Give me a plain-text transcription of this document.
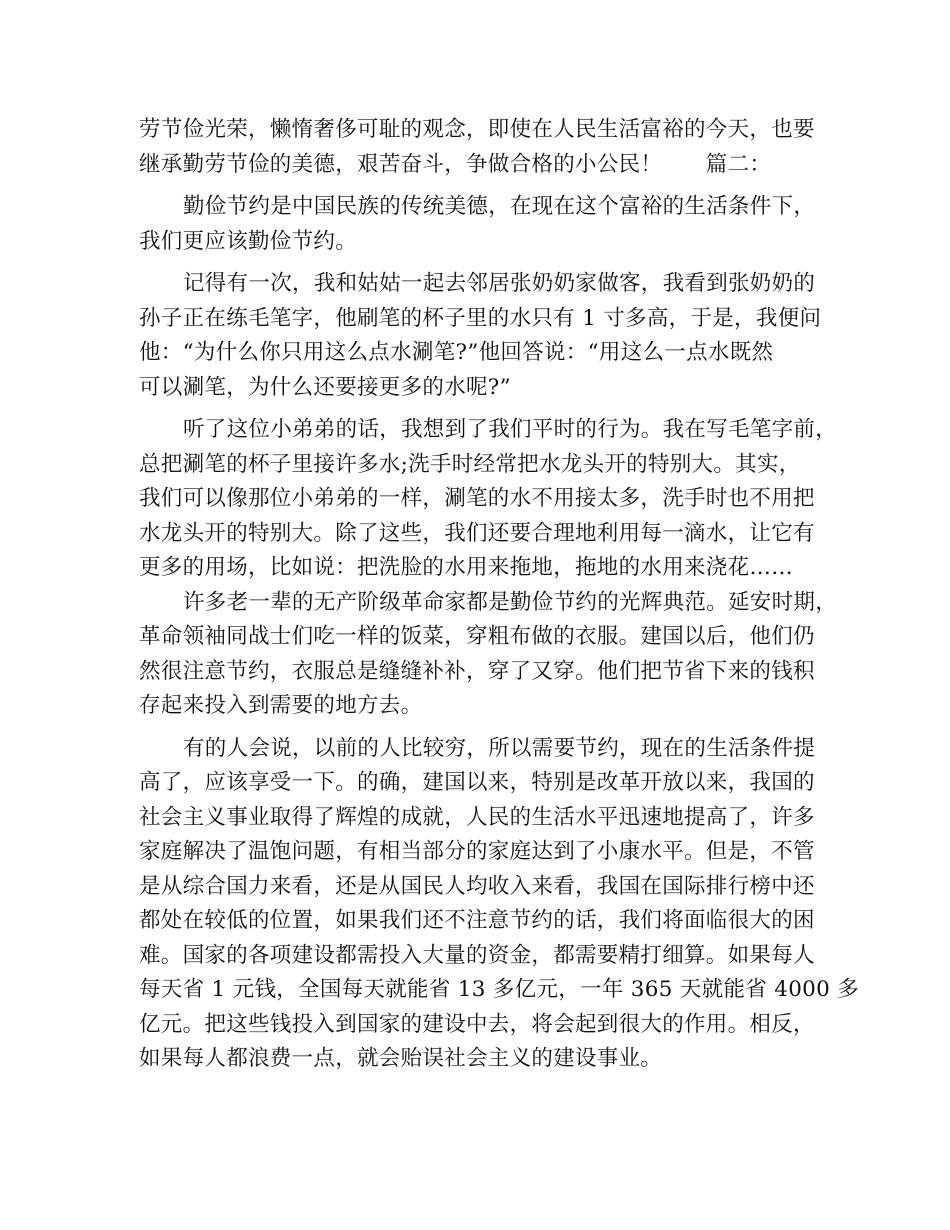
劳节俭光荣，懒惰奢侈可耻的观念，即使在人民生活富裕的今天，也要
继承勤劳节俭的美德，艰苦奋斗，争做合格的小公民！　　篇二：
勤俭节约是中国民族的传统美德，在现在这个富裕的生活条件下，
我们更应该勤俭节约。
记得有一次，我和姑姑一起去邻居张奶奶家做客，我看到张奶奶的
孙子正在练毛笔字，他刷笔的杯子里的水只有 1 寸多高，于是，我便问
他：“为什么你只用这么点水涮笔?”他回答说：“用这么一点水既然
可以涮笔，为什么还要接更多的水呢?”
听了这位小弟弟的话，我想到了我们平时的行为。我在写毛笔字前，
总把涮笔的杯子里接许多水;洗手时经常把水龙头开的特别大。其实，
我们可以像那位小弟弟的一样，涮笔的水不用接太多，洗手时也不用把
水龙头开的特别大。除了这些，我们还要合理地利用每一滴水，让它有
更多的用场，比如说：把洗脸的水用来拖地，拖地的水用来浇花……
许多老一辈的无产阶级革命家都是勤俭节约的光辉典范。延安时期，
革命领袖同战士们吃一样的饭菜，穿粗布做的衣服。建国以后，他们仍
然很注意节约，衣服总是缝缝补补，穿了又穿。他们把节省下来的钱积
存起来投入到需要的地方去。
有的人会说，以前的人比较穷，所以需要节约，现在的生活条件提
高了，应该享受一下。的确，建国以来，特别是改革开放以来，我国的
社会主义事业取得了辉煌的成就，人民的生活水平迅速地提高了，许多
家庭解决了温饱问题，有相当部分的家庭达到了小康水平。但是，不管
是从综合国力来看，还是从国民人均收入来看，我国在国际排行榜中还
都处在较低的位置，如果我们还不注意节约的话，我们将面临很大的困
难。国家的各项建设都需投入大量的资金，都需要精打细算。如果每人
每天省 1 元钱，全国每天就能省 13 多亿元，一年 365 天就能省 4000 多
亿元。把这些钱投入到国家的建设中去，将会起到很大的作用。相反，
如果每人都浪费一点，就会贻误社会主义的建设事业。
